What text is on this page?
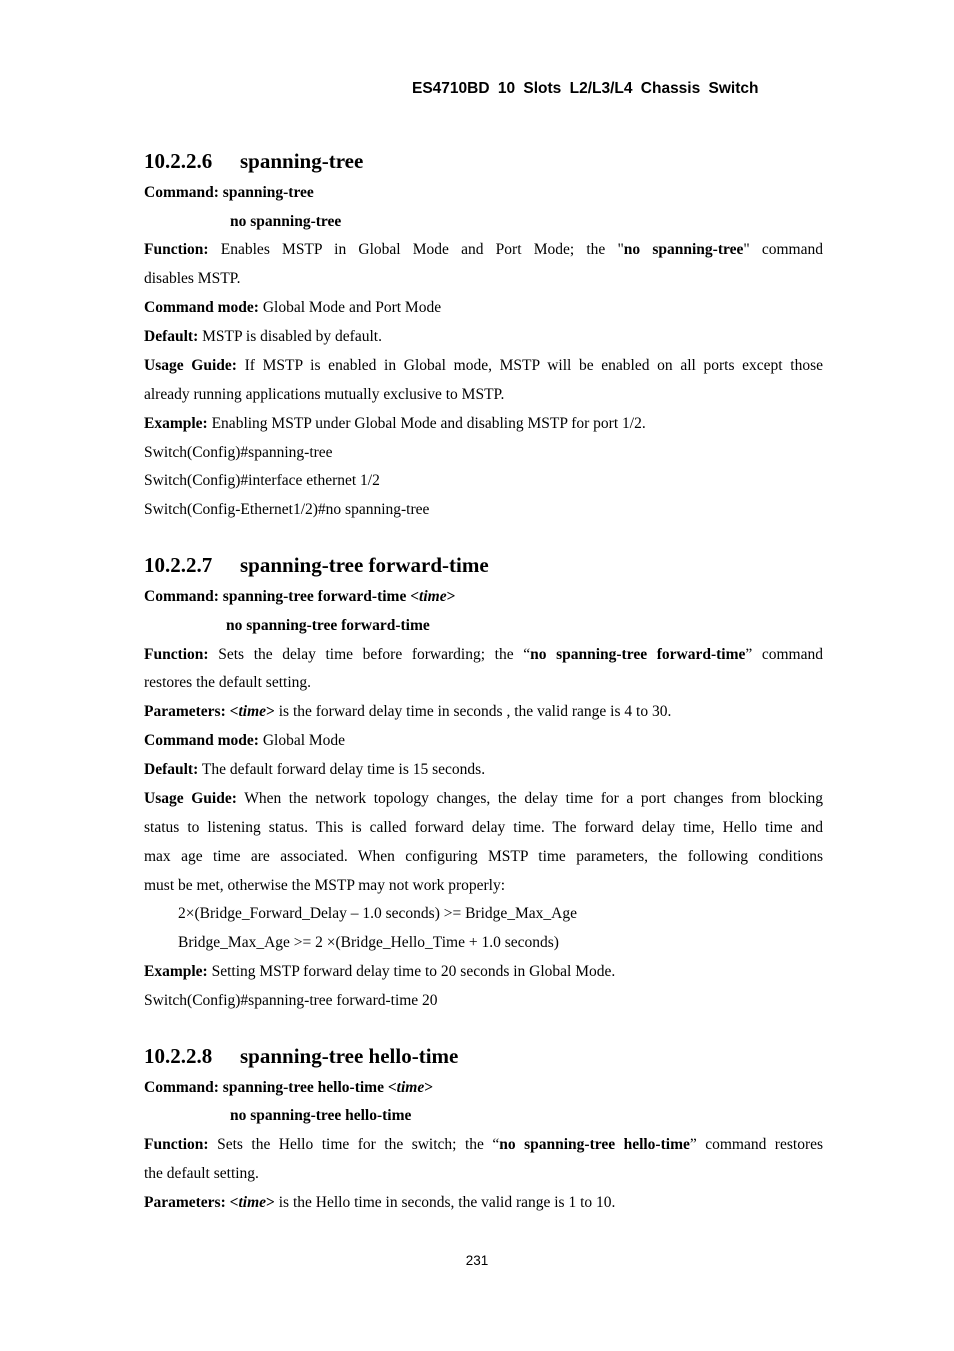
ES4710BD 10 Slots L2/L3/L4 Chassis Switch
10.2.2.6 spanning-tree
Command: spanning-tree
no spanning-tree
Function: Enables MSTP in Global Mode and Port Mode; the "no spanning-tree" command
disables MSTP.
Command mode: Global Mode and Port Mode
Default: MSTP is disabled by default.
Usage Guide: If MSTP is enabled in Global mode, MSTP will be enabled on all ports except those
already running applications mutually exclusive to MSTP.
Example: Enabling MSTP under Global Mode and disabling MSTP for port 1/2.
Switch(Config)#spanning-tree
Switch(Config)#interface ethernet 1/2
Switch(Config-Ethernet1/2)#no spanning-tree
10.2.2.7 spanning-tree forward-time
Command: spanning-tree forward-time <time>
no spanning-tree forward-time
Function: Sets the delay time before forwarding; the “no spanning-tree forward-time” command
restores the default setting.
Parameters: <time> is the forward delay time in seconds , the valid range is 4 to 30.
Command mode: Global Mode
Default: The default forward delay time is 15 seconds.
Usage Guide: When the network topology changes, the delay time for a port changes from blocking
status to listening status. This is called forward delay time. The forward delay time, Hello time and
max age time are associated. When configuring MSTP time parameters, the following conditions
must be met, otherwise the MSTP may not work properly:
2×(Bridge_Forward_Delay – 1.0 seconds) >= Bridge_Max_Age
Bridge_Max_Age >= 2 ×(Bridge_Hello_Time + 1.0 seconds)
Example: Setting MSTP forward delay time to 20 seconds in Global Mode.
Switch(Config)#spanning-tree forward-time 20
10.2.2.8 spanning-tree hello-time
Command: spanning-tree hello-time <time>
no spanning-tree hello-time
Function: Sets the Hello time for the switch; the “no spanning-tree hello-time” command restores
the default setting.
Parameters: <time> is the Hello time in seconds, the valid range is 1 to 10.
231
